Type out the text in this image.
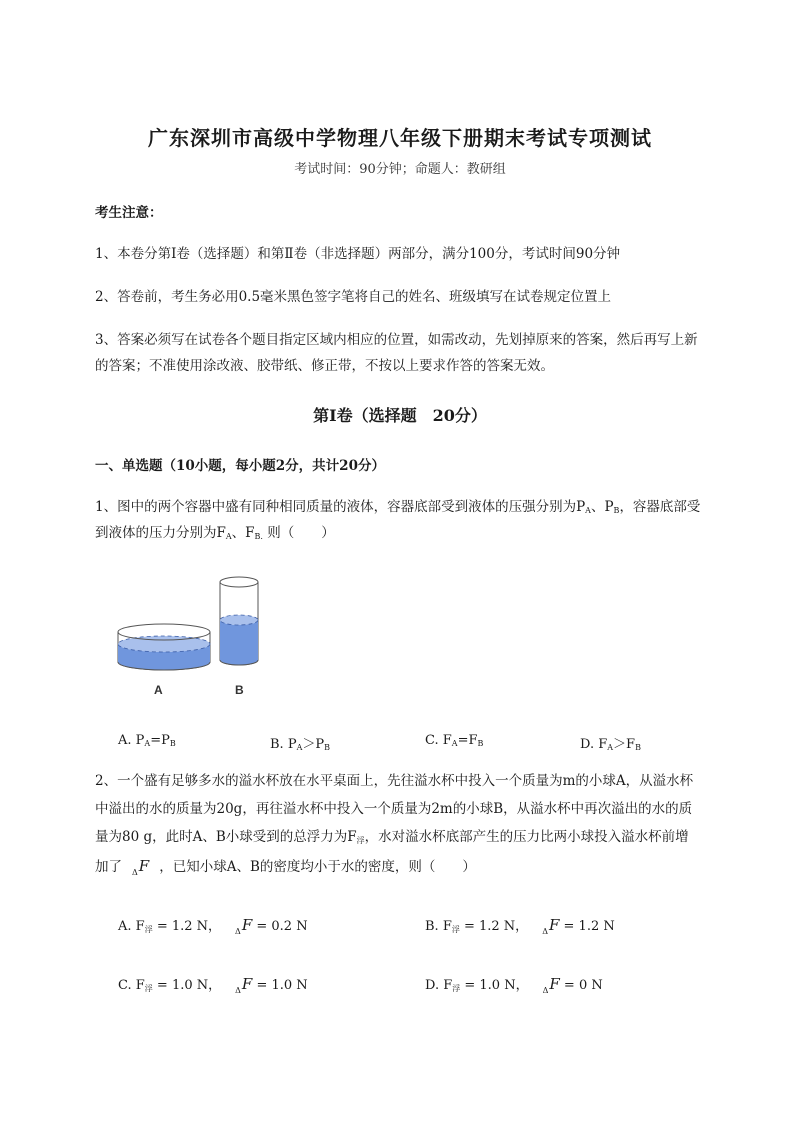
广东深圳市高级中学物理八年级下册期末考试专项测试
考试时间：90分钟；命题人：教研组
考生注意：
1、本卷分第Ⅰ卷（选择题）和第Ⅱ卷（非选择题）两部分，满分100分，考试时间90分钟
2、答卷前，考生务必用0.5毫米黑色签字笔将自己的姓名、班级填写在试卷规定位置上
3、答案必须写在试卷各个题目指定区域内相应的位置，如需改动，先划掉原来的答案，然后再写上新
的答案；不准使用涂改液、胶带纸、修正带，不按以上要求作答的答案无效。
第Ⅰ卷（选择题　20分）
一、单选题（10小题，每小题2分，共计20分）
1、图中的两个容器中盛有同种相同质量的液体，容器底部受到液体的压强分别为$P_A$、$P_B$，容器底部受
到液体的压力分别为$F_A$、$F_{B.}$ 则（　　）
A	B
A. $P_A=P_B$	B. $P_A>P_B$	C. $F_A=F_B$	D. $F_A>F_B$
2、一个盛有足够多水的溢水杯放在水平桌面上，先往溢水杯中投入一个质量为m的小球A，从溢水杯
中溢出的水的质量为20g，再往溢水杯中投入一个质量为2m的小球B，从溢水杯中再次溢出的水的质
量为80 g，此时A、B小球受到的总浮力为$F_浮$，水对溢水杯底部产生的压力比两小球投入溢水杯前增
加了 $_\Delta$F ，已知小球A、B的密度均小于水的密度，则（　　）
A. $F_浮 = 1.2$ N， $_\Delta$F = 0.2 N	B. $F_浮 = 1.2$ N， $_\Delta$F = 1.2 N
C. $F_浮 = 1.0$ N， $_\Delta$F = 1.0 N	D. $F_浮 = 1.0$ N， $_\Delta$F = 0 N
